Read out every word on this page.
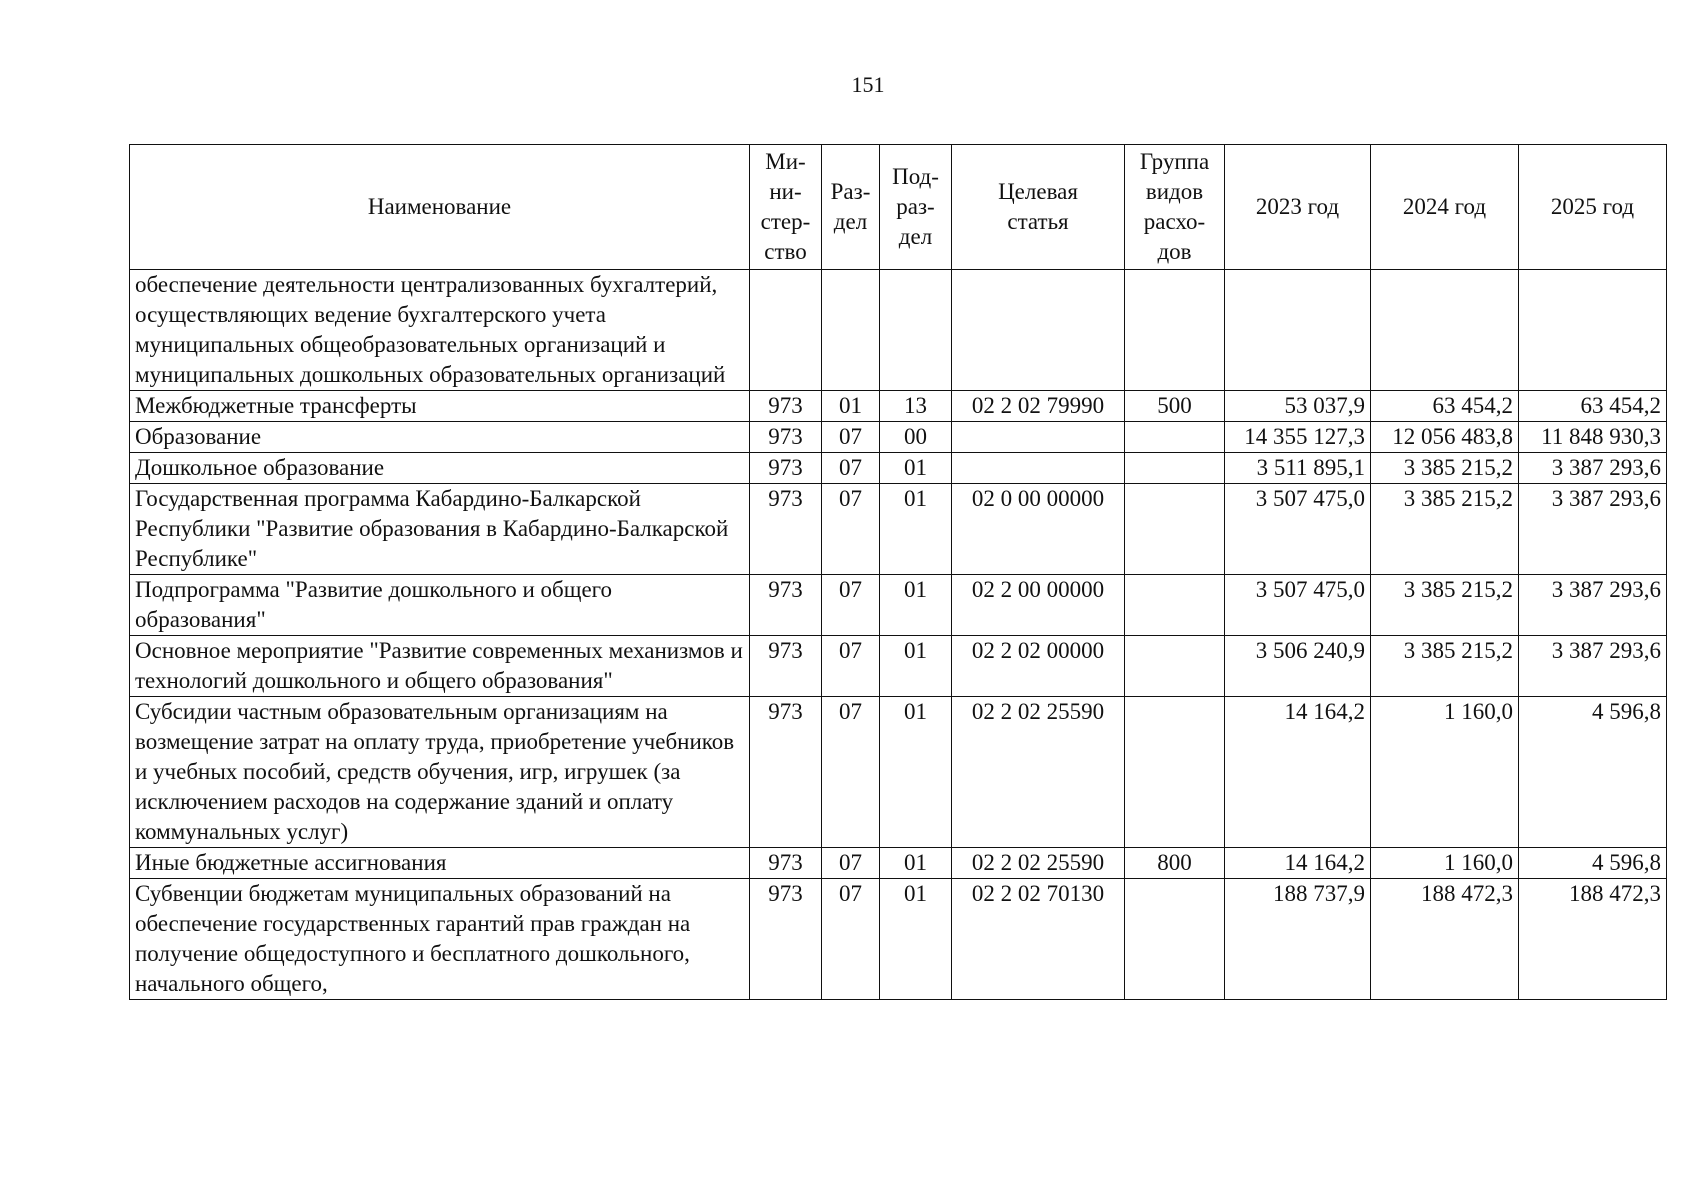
151
Наименование	Ми-
ни-
стер-
ство	Раз-
дел	Под-
раз-
дел	Целевая
статья	Группа
видов
расхо-
дов	2023 год	2024 год	2025 год
обеспечение деятельности централизованных бухгалтерий, осуществляющих ведение бухгалтерского учета муниципальных общеобразовательных организаций и муниципальных дошкольных образовательных организаций								
Межбюджетные трансферты	973	01	13	02 2 02 79990	500	53 037,9	63 454,2	63 454,2
Образование	973	07	00			14 355 127,3	12 056 483,8	11 848 930,3
Дошкольное образование	973	07	01			3 511 895,1	3 385 215,2	3 387 293,6
Государственная программа Кабардино-Балкарской Республики "Развитие образования в Кабардино-Балкарской Республике"	973	07	01	02 0 00 00000		3 507 475,0	3 385 215,2	3 387 293,6
Подпрограмма "Развитие дошкольного и общего образования"	973	07	01	02 2 00 00000		3 507 475,0	3 385 215,2	3 387 293,6
Основное мероприятие "Развитие современных механизмов и технологий дошкольного и общего образования"	973	07	01	02 2 02 00000		3 506 240,9	3 385 215,2	3 387 293,6
Субсидии частным образовательным организациям на возмещение затрат на оплату труда, приобретение учебников и учебных пособий, средств обучения, игр, игрушек (за исключением расходов на содержание зданий и оплату коммунальных услуг)	973	07	01	02 2 02 25590		14 164,2	1 160,0	4 596,8
Иные бюджетные ассигнования	973	07	01	02 2 02 25590	800	14 164,2	1 160,0	4 596,8
Субвенции бюджетам муниципальных образований на обеспечение государственных гарантий прав граждан на получение общедоступного и бесплатного дошкольного, начального общего,	973	07	01	02 2 02 70130		188 737,9	188 472,3	188 472,3
